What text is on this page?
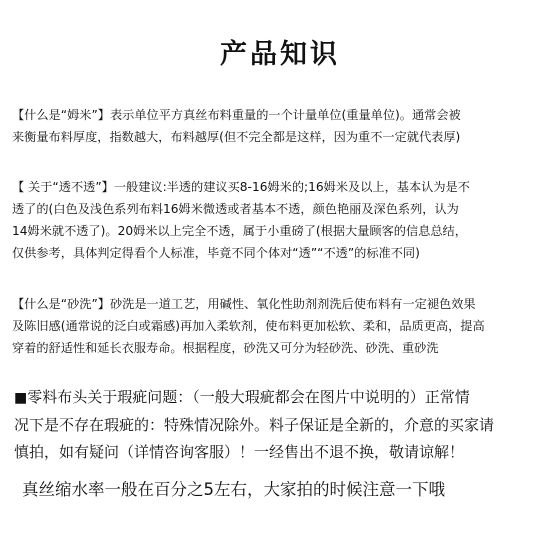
产品知识

【什么是“姆米”】表示单位平方真丝布料重量的一个计量单位(重量单位)。通常会被
来衡量布料厚度，指数越大，布料越厚(但不完全都是这样，因为重不一定就代表厚)

【 关于“透不透”】一般建议:半透的建议买8-16姆米的;16姆米及以上，基本认为是不
透了的(白色及浅色系列布料16姆米微透或者基本不透，颜色艳丽及深色系列，认为
14姆米就不透了)。20姆米以上完全不透，属于小重磅了(根据大量顾客的信息总结，
仅供参考，具体判定得看个人标准，毕竟不同个体对“透”“不透”的标准不同)

【什么是“砂洗”】砂洗是一道工艺，用碱性、氧化性助剂剂洗后使布料有一定褪色效果
及陈旧感(通常说的泛白或霜感)再加入柔软剂，使布料更加松软、柔和，品质更高，提高
穿着的舒适性和延长衣服寿命。根据程度，砂洗又可分为轻砂洗、砂洗、重砂洗

■零料布头关于瑕疵问题：（一般大瑕疵都会在图片中说明的）正常情
况下是不存在瑕疵的：特殊情况除外。料子保证是全新的，介意的买家请
慎拍，如有疑问（详情咨询客服）！一经售出不退不换，敬请谅解！

真丝缩水率一般在百分之5左右，大家拍的时候注意一下哦
